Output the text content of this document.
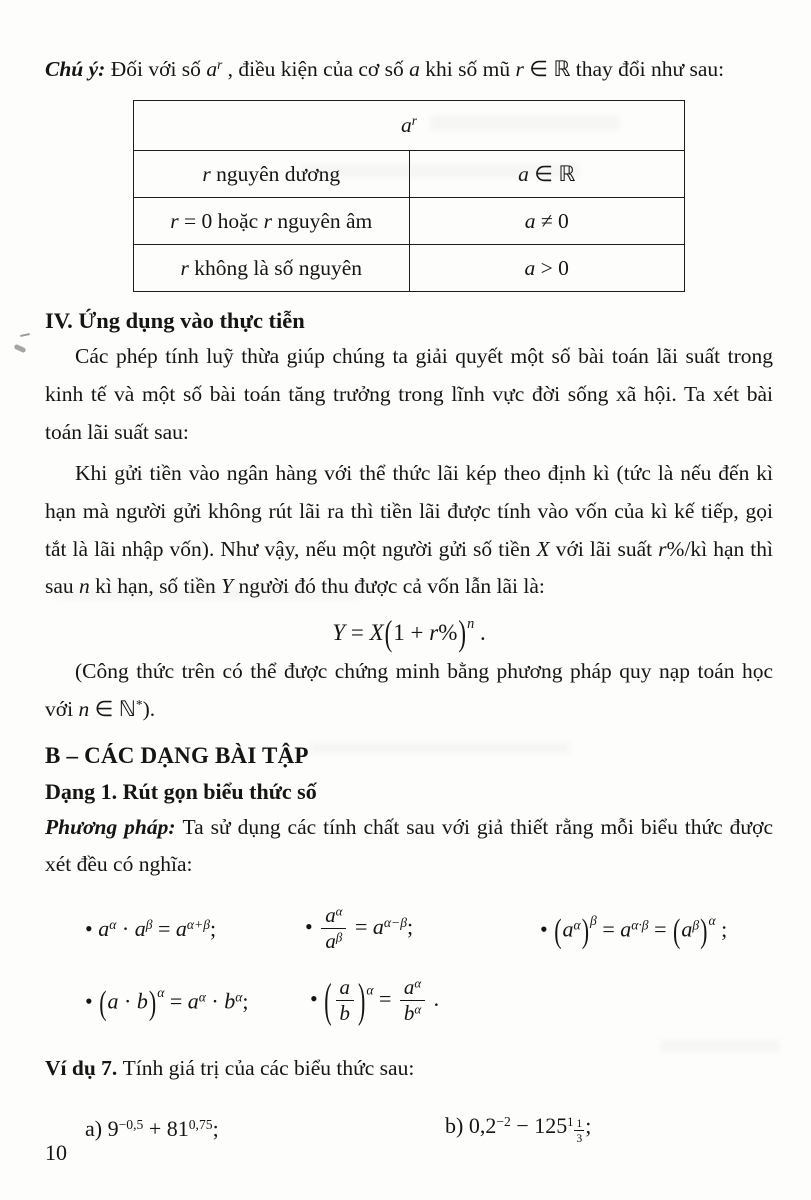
Chú ý: Đối với số $a^r$ , điều kiện của cơ số a khi số mũ r ∈ ℝ thay đổi như sau:

$a^r$
r nguyên dương	a ∈ ℝ
r = 0 hoặc r nguyên âm	a ≠ 0
r không là số nguyên	a > 0
IV. Ứng dụng vào thực tiễn

Các phép tính luỹ thừa giúp chúng ta giải quyết một số bài toán lãi suất trong kinh tế và một số bài toán tăng trưởng trong lĩnh vực đời sống xã hội. Ta xét bài toán lãi suất sau:

Khi gửi tiền vào ngân hàng với thể thức lãi kép theo định kì (tức là nếu đến kì hạn mà người gửi không rút lãi ra thì tiền lãi được tính vào vốn của kì kế tiếp, gọi tắt là lãi nhập vốn). Như vậy, nếu một người gửi số tiền X với lãi suất r%/kì hạn thì sau n kì hạn, số tiền Y người đó thu được cả vốn lẫn lãi là:

$Y = X(1 + r\%)^n$ .

(Công thức trên có thể được chứng minh bằng phương pháp quy nạp toán học với n ∈ ℕ*).

B – CÁC DẠNG BÀI TẬP
Dạng 1. Rút gọn biểu thức số

Phương pháp: Ta sử dụng các tính chất sau với giả thiết rằng mỗi biểu thức được xét đều có nghĩa:

• $a^\alpha \cdot a^\beta = a^{\alpha+\beta}$;	• $\frac{a^\alpha}{a^\beta} = a^{\alpha-\beta}$;	• $(a^\alpha)^\beta = a^{\alpha\cdot\beta} = (a^\beta)^\alpha$ ;
• $(a \cdot b)^\alpha = a^\alpha \cdot b^\alpha$;	• ( $\frac{a}{b} )^\alpha = \frac{a^\alpha}{b^\alpha}$ .

Ví dụ 7. Tính giá trị của các biểu thức sau:

a) $9^{-0,5} + 81^{0,75}$;	b) $0,2^{-2} - 125$ $1 \frac{1}{3}$ ;
10
